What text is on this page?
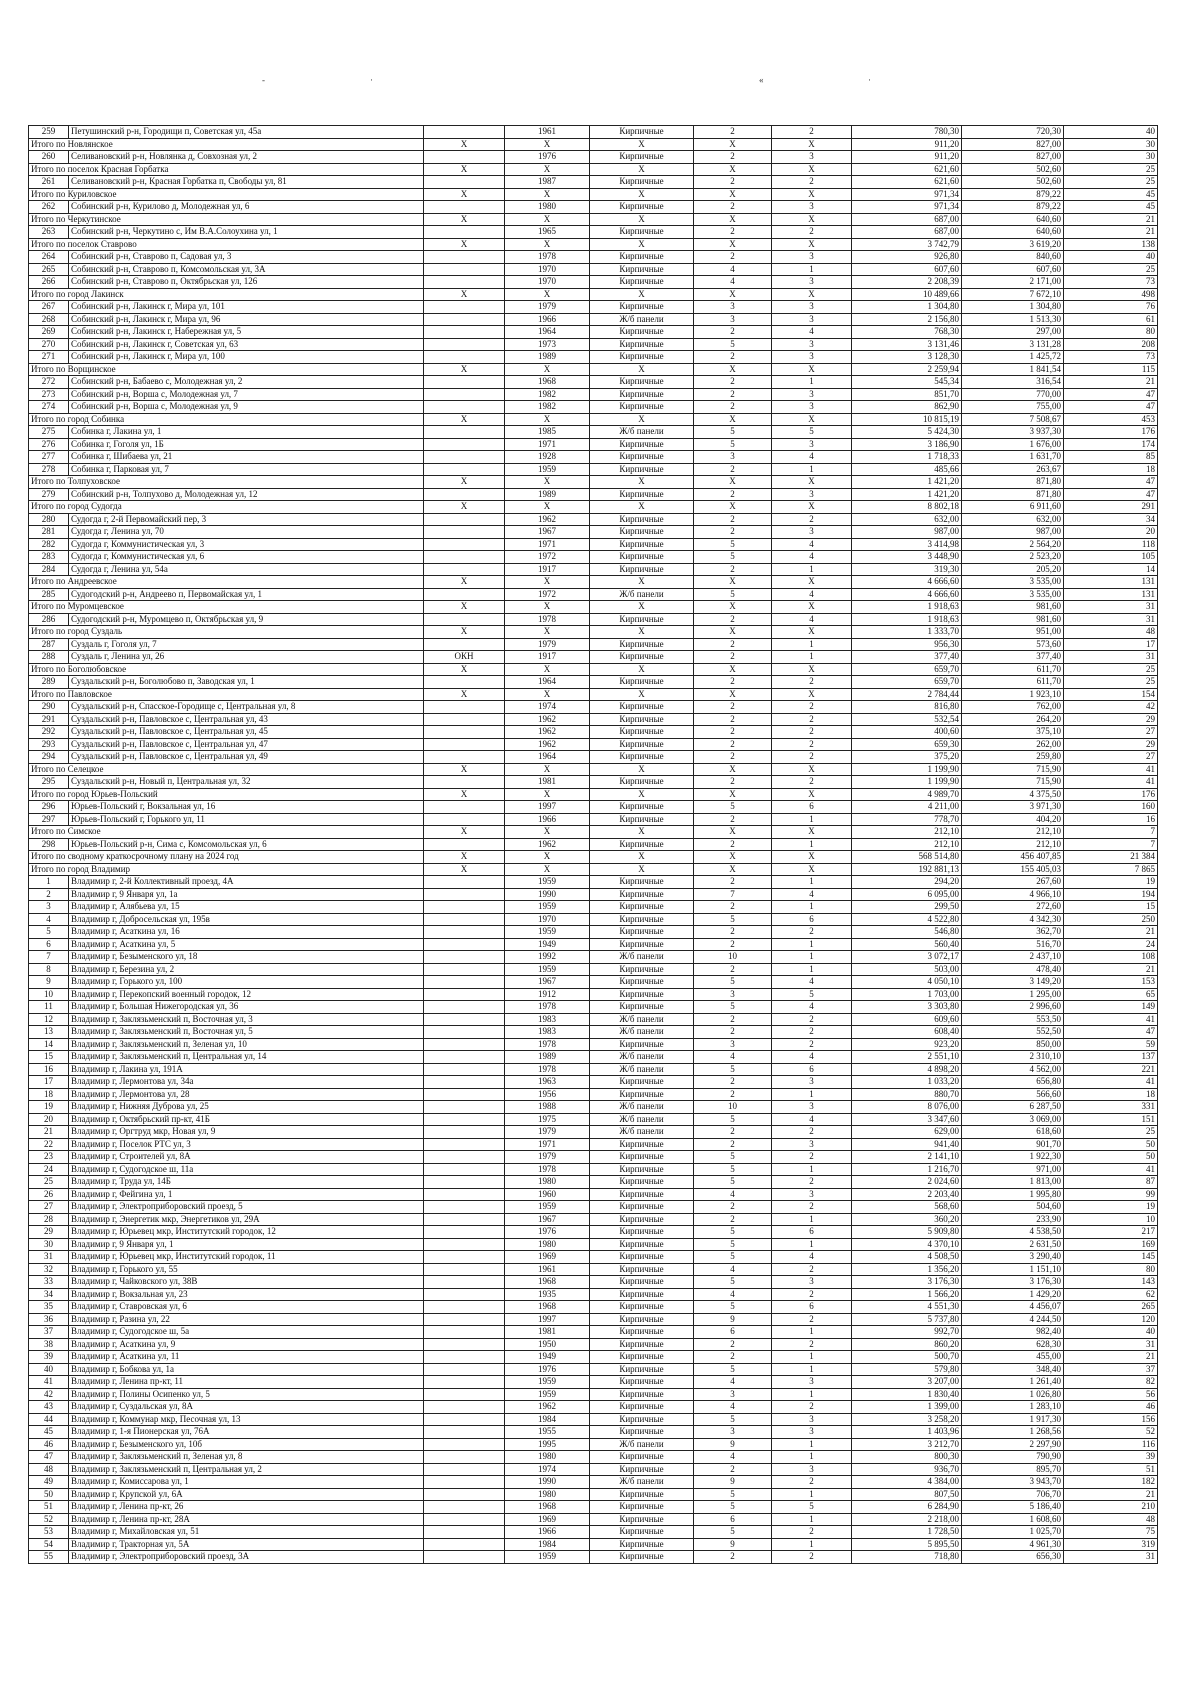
-	·	«	·
259	Петушинский р-н, Городищи п, Советская ул, 45а		1961	Кирпичные	2	2	780,30	720,30	40
Итого по Новлянское		X	X	X	X	X	911,20	827,00	30
260	Селивановский р-н, Новлянка д, Совхозная ул, 2		1976	Кирпичные	2	3	911,20	827,00	30
Итого по поселок Красная Горбатка		X	X	X	X	X	621,60	502,60	25
261	Селивановский р-н, Красная Горбатка п, Свободы ул, 81		1987	Кирпичные	2	2	621,60	502,60	25
Итого по Куриловское		X	X	X	X	X	971,34	879,22	45
262	Собинский р-н, Курилово д, Молодежная ул, 6		1980	Кирпичные	2	3	971,34	879,22	45
Итого по Черкутинское		X	X	X	X	X	687,00	640,60	21
263	Собинский р-н, Черкутино с, Им В.А.Солоухина ул, 1		1965	Кирпичные	2	2	687,00	640,60	21
Итого по поселок Ставрово		X	X	X	X	X	3 742,79	3 619,20	138
264	Собинский р-н, Ставрово п, Садовая ул, 3		1978	Кирпичные	2	3	926,80	840,60	40
265	Собинский р-н, Ставрово п, Комсомольская ул, 3А		1970	Кирпичные	4	1	607,60	607,60	25
266	Собинский р-н, Ставрово п, Октябрьская ул, 126		1970	Кирпичные	4	3	2 208,39	2 171,00	73
Итого по город Лакинск		X	X	X	X	X	10 489,66	7 672,10	498
267	Собинский р-н, Лакинск г, Мира ул, 101		1979	Кирпичные	3	3	1 304,80	1 304,80	76
268	Собинский р-н, Лакинск г, Мира ул, 96		1966	Ж/б панели	3	3	2 156,80	1 513,30	61
269	Собинский р-н, Лакинск г, Набережная ул, 5		1964	Кирпичные	2	4	768,30	297,00	80
270	Собинский р-н, Лакинск г, Советская ул, 63		1973	Кирпичные	5	3	3 131,46	3 131,28	208
271	Собинский р-н, Лакинск г, Мира ул, 100		1989	Кирпичные	2	3	3 128,30	1 425,72	73
Итого по Ворщинское		X	X	X	X	X	2 259,94	1 841,54	115
272	Собинский р-н, Бабаево с, Молодежная ул, 2		1968	Кирпичные	2	1	545,34	316,54	21
273	Собинский р-н, Ворша с, Молодежная ул, 7		1982	Кирпичные	2	3	851,70	770,00	47
274	Собинский р-н, Ворша с, Молодежная ул, 9		1982	Кирпичные	2	3	862,90	755,00	47
Итого по город Собинка		X	X	X	X	X	10 815,19	7 508,67	453
275	Собинка г, Лакина ул, 1		1985	Ж/б панели	5	5	5 424,30	3 937,30	176
276	Собинка г, Гоголя ул, 1Б		1971	Кирпичные	5	3	3 186,90	1 676,00	174
277	Собинка г, Шибаева ул, 21		1928	Кирпичные	3	4	1 718,33	1 631,70	85
278	Собинка г, Парковая ул, 7		1959	Кирпичные	2	1	485,66	263,67	18
Итого по Толпуховское		X	X	X	X	X	1 421,20	871,80	47
279	Собинский р-н, Толпухово д, Молодежная ул, 12		1989	Кирпичные	2	3	1 421,20	871,80	47
Итого по город Судогда		X	X	X	X	X	8 802,18	6 911,60	291
280	Судогда г, 2-й Первомайский пер, 3		1962	Кирпичные	2	2	632,00	632,00	34
281	Судогда г, Ленина ул, 70		1967	Кирпичные	2	3	987,00	987,00	20
282	Судогда г, Коммунистическая ул, 3		1971	Кирпичные	5	4	3 414,98	2 564,20	118
283	Судогда г, Коммунистическая ул, 6		1972	Кирпичные	5	4	3 448,90	2 523,20	105
284	Судогда г, Ленина ул, 54а		1917	Кирпичные	2	1	319,30	205,20	14
Итого по Андреевское		X	X	X	X	X	4 666,60	3 535,00	131
285	Судогодский р-н, Андреево п, Первомайская ул, 1		1972	Ж/б панели	5	4	4 666,60	3 535,00	131
Итого по Муромцевское		X	X	X	X	X	1 918,63	981,60	31
286	Судогодский р-н, Муромцево п, Октябрьская ул, 9		1978	Кирпичные	2	4	1 918,63	981,60	31
Итого по город Суздаль		X	X	X	X	X	1 333,70	951,00	48
287	Суздаль г, Гоголя ул, 7		1979	Кирпичные	2	1	956,30	573,60	17
288	Суздаль г, Ленина ул, 26	ОКН	1917	Кирпичные	2	1	377,40	377,40	31
Итого по Боголюбовское		X	X	X	X	X	659,70	611,70	25
289	Суздальский р-н, Боголюбово п, Заводская ул, 1		1964	Кирпичные	2	2	659,70	611,70	25
Итого по Павловское		X	X	X	X	X	2 784,44	1 923,10	154
290	Суздальский р-н, Спасское-Городище с, Центральная ул, 8		1974	Кирпичные	2	2	816,80	762,00	42
291	Суздальский р-н, Павловское с, Центральная ул, 43		1962	Кирпичные	2	2	532,54	264,20	29
292	Суздальский р-н, Павловское с, Центральная ул, 45		1962	Кирпичные	2	2	400,60	375,10	27
293	Суздальский р-н, Павловское с, Центральная ул, 47		1962	Кирпичные	2	2	659,30	262,00	29
294	Суздальский р-н, Павловское с, Центральная ул, 49		1964	Кирпичные	2	2	375,20	259,80	27
Итого по Селецкое		X	X	X	X	X	1 199,90	715,90	41
295	Суздальский р-н, Новый п, Центральная ул, 32		1981	Кирпичные	2	2	1 199,90	715,90	41
Итого по город Юрьев-Польский		X	X	X	X	X	4 989,70	4 375,50	176
296	Юрьев-Польский г, Вокзальная ул, 16		1997	Кирпичные	5	6	4 211,00	3 971,30	160
297	Юрьев-Польский г, Горького ул, 11		1966	Кирпичные	2	1	778,70	404,20	16
Итого по Симское		X	X	X	X	X	212,10	212,10	7
298	Юрьев-Польский р-н, Сима с, Комсомольская ул, 6		1962	Кирпичные	2	1	212,10	212,10	7
Итого по сводному краткосрочному плану на 2024 год		X	X	X	X	X	568 514,80	456 407,85	21 384
Итого по город Владимир		X	X	X	X	X	192 881,13	155 405,03	7 865
1	Владимир г, 2-й Коллективный проезд, 4А		1959	Кирпичные	2	1	294,20	267,60	19
2	Владимир г, 9 Января ул, 1а		1990	Кирпичные	7	4	6 095,00	4 966,10	194
3	Владимир г, Алябьева ул, 15		1959	Кирпичные	2	1	299,50	272,60	15
4	Владимир г, Добросельская ул, 195в		1970	Кирпичные	5	6	4 522,80	4 342,30	250
5	Владимир г, Асаткина ул, 16		1959	Кирпичные	2	2	546,80	362,70	21
6	Владимир г, Асаткина ул, 5		1949	Кирпичные	2	1	560,40	516,70	24
7	Владимир г, Безыменского ул, 18		1992	Ж/б панели	10	1	3 072,17	2 437,10	108
8	Владимир г, Березина ул, 2		1959	Кирпичные	2	1	503,00	478,40	21
9	Владимир г, Горького ул, 100		1967	Кирпичные	5	4	4 050,10	3 149,20	153
10	Владимир г, Перекопский военный городок, 12		1912	Кирпичные	3	5	1 703,00	1 295,00	65
11	Владимир г, Большая Нижегородская ул, 36		1978	Кирпичные	5	4	3 303,80	2 996,60	149
12	Владимир г, Заклязьменский п, Восточная ул, 3		1983	Ж/б панели	2	2	609,60	553,50	41
13	Владимир г, Заклязьменский п, Восточная ул, 5		1983	Ж/б панели	2	2	608,40	552,50	47
14	Владимир г, Заклязьменский п, Зеленая ул, 10		1978	Кирпичные	3	2	923,20	850,00	59
15	Владимир г, Заклязьменский п, Центральная ул, 14		1989	Ж/б панели	4	4	2 551,10	2 310,10	137
16	Владимир г, Лакина ул, 191А		1978	Ж/б панели	5	6	4 898,20	4 562,00	221
17	Владимир г, Лермонтова ул, 34а		1963	Кирпичные	2	3	1 033,20	656,80	41
18	Владимир г, Лермонтова ул, 28		1956	Кирпичные	2	1	880,70	566,60	18
19	Владимир г, Нижняя Дуброва ул, 25		1988	Ж/б панели	10	3	8 076,00	6 287,50	331
20	Владимир г, Октябрьский пр-кт, 41Б		1975	Ж/б панели	5	4	3 347,60	3 069,00	151
21	Владимир г, Оргтруд мкр, Новая ул, 9		1979	Ж/б панели	2	2	629,00	618,60	25
22	Владимир г, Поселок РТС ул, 3		1971	Кирпичные	2	3	941,40	901,70	50
23	Владимир г, Строителей ул, 8А		1979	Кирпичные	5	2	2 141,10	1 922,30	50
24	Владимир г, Судогодское ш, 11а		1978	Кирпичные	5	1	1 216,70	971,00	41
25	Владимир г, Труда ул, 14Б		1980	Кирпичные	5	2	2 024,60	1 813,00	87
26	Владимир г, Фейгина ул, 1		1960	Кирпичные	4	3	2 203,40	1 995,80	99
27	Владимир г, Электроприборовский проезд, 5		1959	Кирпичные	2	2	568,60	504,60	19
28	Владимир г, Энергетик мкр, Энергетиков ул, 29А		1967	Кирпичные	2	1	360,20	233,90	10
29	Владимир г, Юрьевец мкр, Институтский городок, 12		1976	Кирпичные	5	6	5 909,80	4 538,50	217
30	Владимир г, 9 Января ул, 1		1980	Кирпичные	5	1	4 370,10	2 631,50	169
31	Владимир г, Юрьевец мкр, Институтский городок, 11		1969	Кирпичные	5	4	4 508,50	3 290,40	145
32	Владимир г, Горького ул, 55		1961	Кирпичные	4	2	1 356,20	1 151,10	80
33	Владимир г, Чайковского ул, 38В		1968	Кирпичные	5	3	3 176,30	3 176,30	143
34	Владимир г, Вокзальная ул, 23		1935	Кирпичные	4	2	1 566,20	1 429,20	62
35	Владимир г, Ставровская ул, 6		1968	Кирпичные	5	6	4 551,30	4 456,07	265
36	Владимир г, Разина ул, 22		1997	Кирпичные	9	2	5 737,80	4 244,50	120
37	Владимир г, Судогодское ш, 5а		1981	Кирпичные	6	1	992,70	982,40	40
38	Владимир г, Асаткина ул, 9		1950	Кирпичные	2	2	860,20	628,30	31
39	Владимир г, Асаткина ул, 11		1949	Кирпичные	2	1	500,70	455,00	21
40	Владимир г, Бобкова ул, 1а		1976	Кирпичные	5	1	579,80	348,40	37
41	Владимир г, Ленина пр-кт, 11		1959	Кирпичные	4	3	3 207,00	1 261,40	82
42	Владимир г, Полины Осипенко ул, 5		1959	Кирпичные	3	1	1 830,40	1 026,80	56
43	Владимир г, Суздальская ул, 8А		1962	Кирпичные	4	2	1 399,00	1 283,10	46
44	Владимир г, Коммунар мкр, Песочная ул, 13		1984	Кирпичные	5	3	3 258,20	1 917,30	156
45	Владимир г, 1-я Пионерская ул, 76А		1955	Кирпичные	3	3	1 403,96	1 268,56	52
46	Владимир г, Безыменского ул, 10б		1995	Ж/б панели	9	1	3 212,70	2 297,90	116
47	Владимир г, Заклязьменский п, Зеленая ул, 8		1980	Кирпичные	4	1	800,30	790,90	39
48	Владимир г, Заклязьменский п, Центральная ул, 2		1974	Кирпичные	2	3	936,70	895,70	51
49	Владимир г, Комиссарова ул, 1		1990	Ж/б панели	9	2	4 384,00	3 943,70	182
50	Владимир г, Крупской ул, 6А		1980	Кирпичные	5	1	807,50	706,70	21
51	Владимир г, Ленина пр-кт, 26		1968	Кирпичные	5	5	6 284,90	5 186,40	210
52	Владимир г, Ленина пр-кт, 28А		1969	Кирпичные	6	1	2 218,00	1 608,60	48
53	Владимир г, Михайловская ул, 51		1966	Кирпичные	5	2	1 728,50	1 025,70	75
54	Владимир г, Тракторная ул, 5А		1984	Кирпичные	9	1	5 895,50	4 961,30	319
55	Владимир г, Электроприборовский проезд, 3А		1959	Кирпичные	2	2	718,80	656,30	31
